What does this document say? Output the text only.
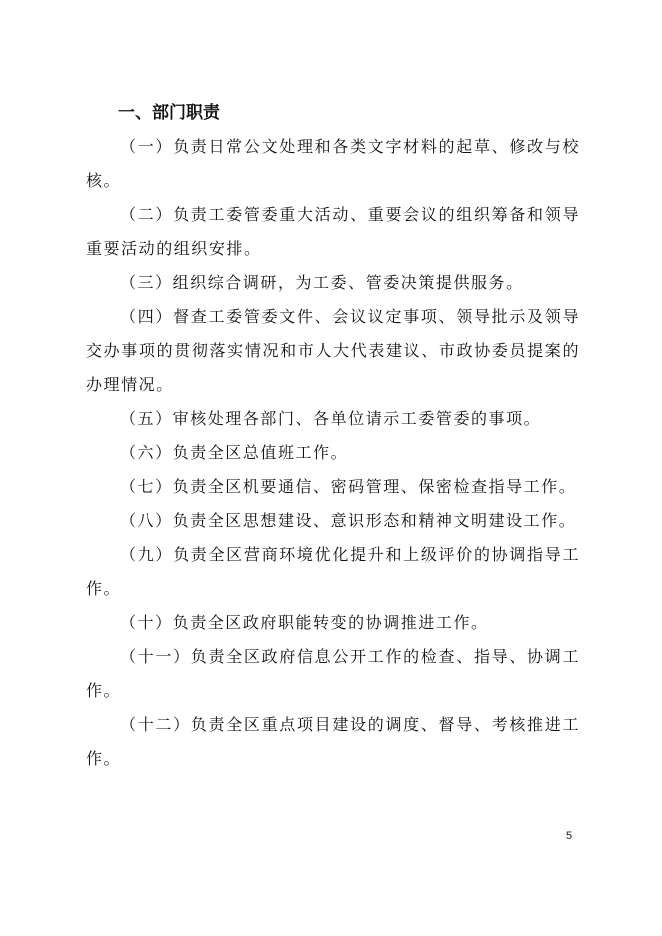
一、部门职责

（一）负责日常公文处理和各类文字材料的起草、修改与校核。

（二）负责工委管委重大活动、重要会议的组织筹备和领导重要活动的组织安排。

（三）组织综合调研，为工委、管委决策提供服务。

（四）督查工委管委文件、会议议定事项、领导批示及领导交办事项的贯彻落实情况和市人大代表建议、市政协委员提案的办理情况。

（五）审核处理各部门、各单位请示工委管委的事项。

（六）负责全区总值班工作。

（七）负责全区机要通信、密码管理、保密检查指导工作。

（八）负责全区思想建设、意识形态和精神文明建设工作。

（九）负责全区营商环境优化提升和上级评价的协调指导工作。

（十）负责全区政府职能转变的协调推进工作。

（十一）负责全区政府信息公开工作的检查、指导、协调工作。

（十二）负责全区重点项目建设的调度、督导、考核推进工作。

5
